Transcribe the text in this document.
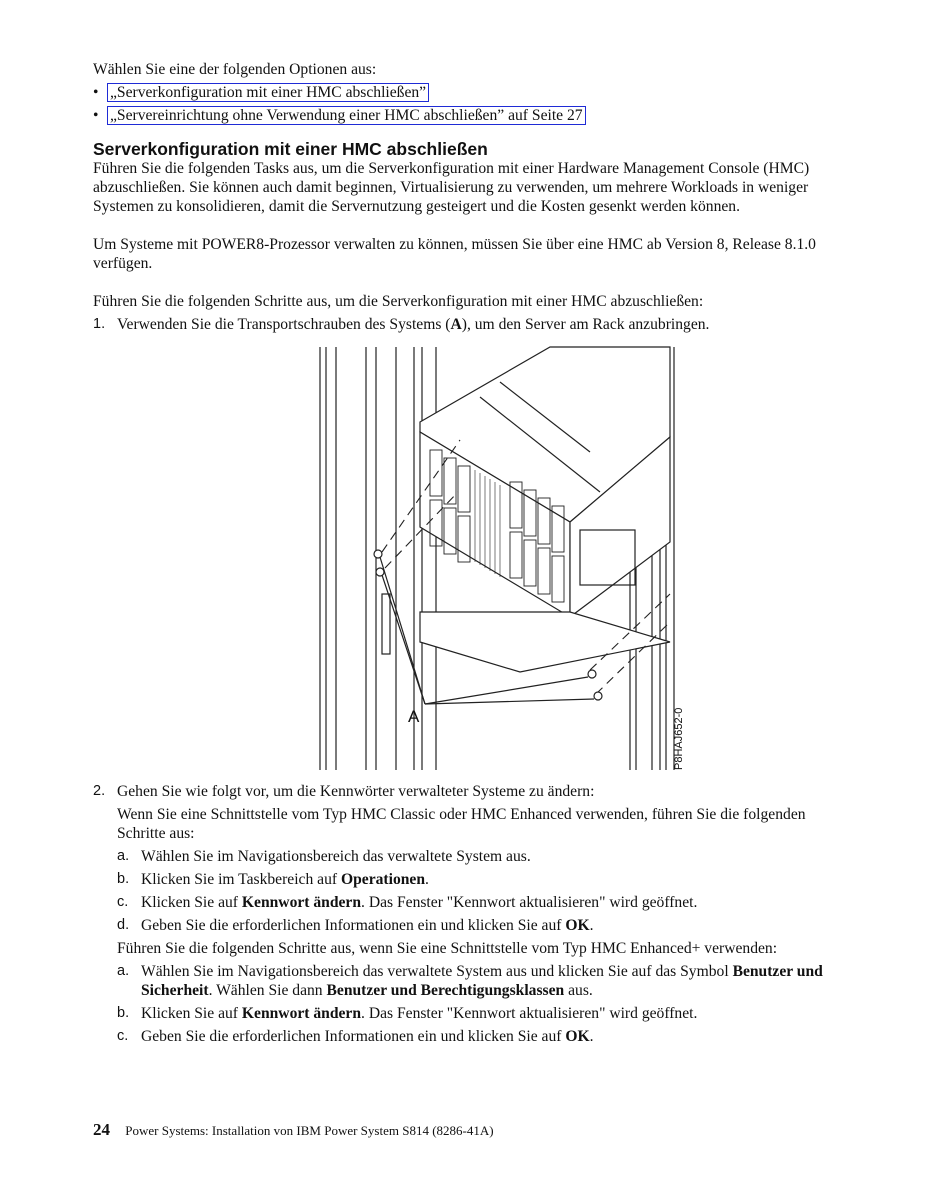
Wählen Sie eine der folgenden Optionen aus:

• „Serverkonfiguration mit einer HMC abschließen”
• „Servereinrichtung ohne Verwendung einer HMC abschließen” auf Seite 27
Serverkonfiguration mit einer HMC abschließen

Führen Sie die folgenden Tasks aus, um die Serverkonfiguration mit einer Hardware Management Console (HMC) abzuschließen. Sie können auch damit beginnen, Virtualisierung zu verwenden, um mehrere Workloads in weniger Systemen zu konsolidieren, damit die Servernutzung gesteigert und die Kosten gesenkt werden können.

Um Systeme mit POWER8-Prozessor verwalten zu können, müssen Sie über eine HMC ab Version 8, Release 8.1.0 verfügen.

Führen Sie die folgenden Schritte aus, um die Serverkonfiguration mit einer HMC abzuschließen:

1. Verwenden Sie die Transportschrauben des Systems (A), um den Server am Rack anzubringen.
A	P8HAJ652-0
2. Gehen Sie wie folgt vor, um die Kennwörter verwalteter Systeme zu ändern:
Wenn Sie eine Schnittstelle vom Typ HMC Classic oder HMC Enhanced verwenden, führen Sie die folgenden Schritte aus:
a. Wählen Sie im Navigationsbereich das verwaltete System aus.
b. Klicken Sie im Taskbereich auf Operationen.
c. Klicken Sie auf Kennwort ändern. Das Fenster "Kennwort aktualisieren" wird geöffnet.
d. Geben Sie die erforderlichen Informationen ein und klicken Sie auf OK.
Führen Sie die folgenden Schritte aus, wenn Sie eine Schnittstelle vom Typ HMC Enhanced+ verwenden:
a. Wählen Sie im Navigationsbereich das verwaltete System aus und klicken Sie auf das Symbol Benutzer und Sicherheit. Wählen Sie dann Benutzer und Berechtigungsklassen aus.
b. Klicken Sie auf Kennwort ändern. Das Fenster "Kennwort aktualisieren" wird geöffnet.
c. Geben Sie die erforderlichen Informationen ein und klicken Sie auf OK.
24 Power Systems: Installation von IBM Power System S814 (8286-41A)
